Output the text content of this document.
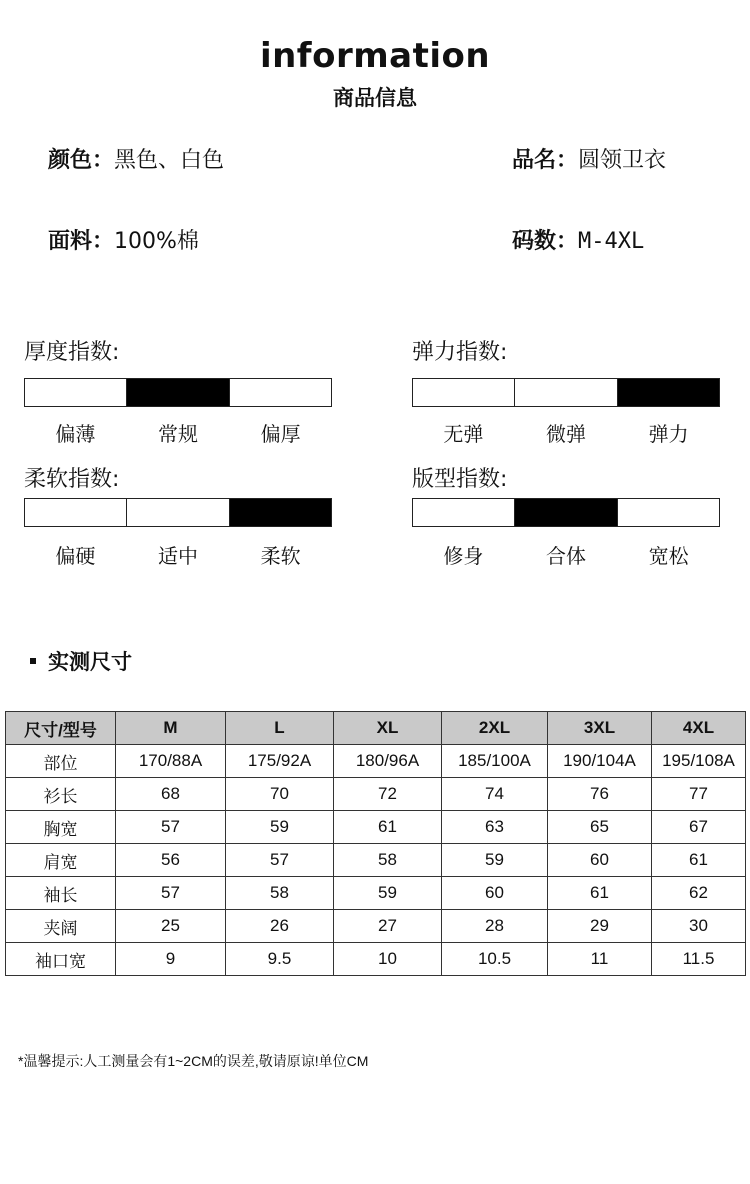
information
商品信息
颜色：黑色、白色	品名：圆领卫衣
面料：100%棉	码数：M-4XL
厚度指数:
偏薄	常规	偏厚
弹力指数:
无弹	微弹	弹力
柔软指数:
偏硬	适中	柔软
版型指数:
修身	合体	宽松
实测尺寸
尺寸/型号	M	L	XL	2XL	3XL	4XL
部位	170/88A	175/92A	180/96A	185/100A	190/104A	195/108A
衫长	68	70	72	74	76	77
胸宽	57	59	61	63	65	67
肩宽	56	57	58	59	60	61
袖长	57	58	59	60	61	62
夹阔	25	26	27	28	29	30
袖口宽	9	9.5	10	10.5	11	11.5
*温馨提示:人工测量会有1~2CM的误差,敬请原谅!单位CM
